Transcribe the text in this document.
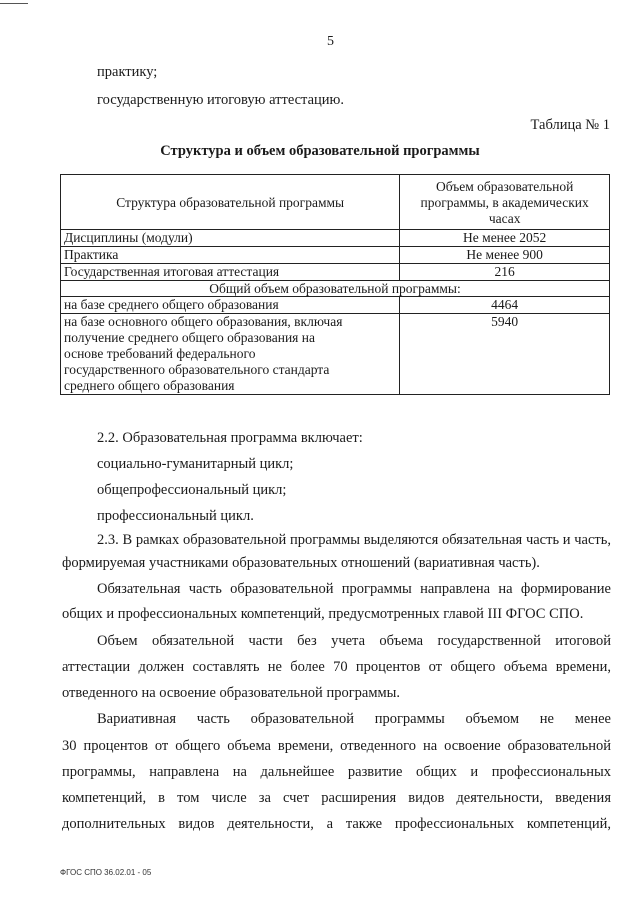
5
практику;
государственную итоговую аттестацию.
Таблица № 1
Структура и объем образовательной программы
Структура образовательной программы	Объем образовательной
программы, в академических
часах

Дисциплины (модули)	Не менее 2052
Практика	Не менее 900
Государственная итоговая аттестация	216
Общий объем образовательной программы:	
на базе среднего общего образования	4464

на базе основного общего образования, включая
получение среднего общего образования на
основе требований федерального
государственного образовательного стандарта
среднего общего образования	5940
2.2. Образовательная программа включает:
социально-гуманитарный цикл;
общепрофессиональный цикл;
профессиональный цикл.
2.3. В рамках образовательной программы выделяются обязательная часть и часть,
формируемая участниками образовательных отношений (вариативная часть).
Обязательная часть образовательной программы направлена на формирование
общих и профессиональных компетенций, предусмотренных главой III ФГОС СПО.
Объем обязательной части без учета объема государственной итоговой
аттестации должен составлять не более 70 процентов от общего объема времени,
отведенного на освоение образовательной программы.
Вариативная часть образовательной программы объемом не менее
30 процентов от общего объема времени, отведенного на освоение образовательной
программы, направлена на дальнейшее развитие общих и профессиональных
компетенций, в том числе за счет расширения видов деятельности, введения
дополнительных видов деятельности, а также профессиональных компетенций,
ФГОС СПО 36.02.01 - 05
